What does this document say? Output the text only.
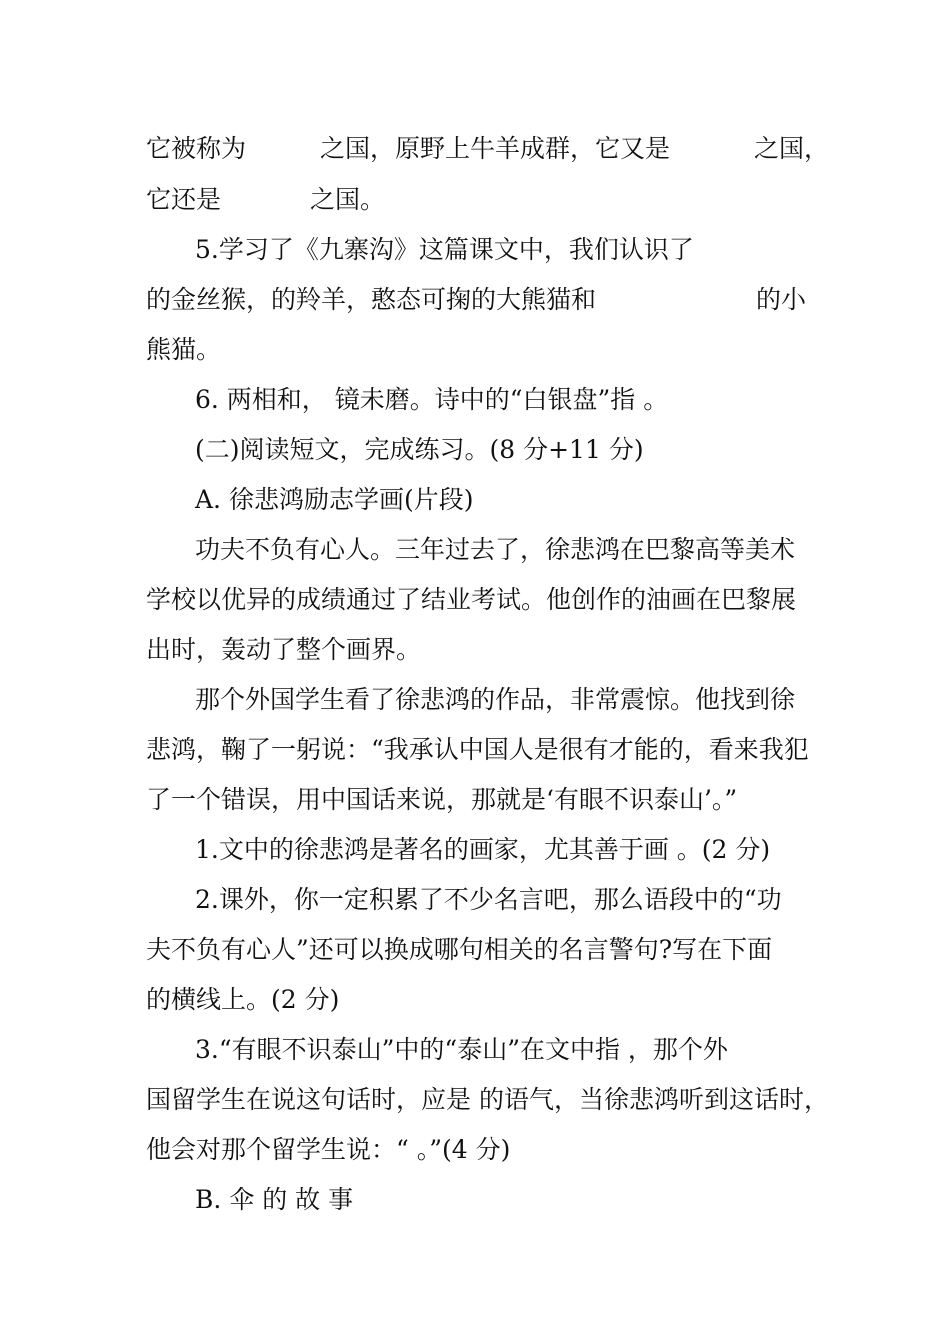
它被称为	之国，原野上牛羊成群，它又是	之国，
它还是	之国。
5.学习了《九寨沟》这篇课文中，我们认识了
的金丝猴，的羚羊，憨态可掬的大熊猫和	的小
熊猫。
6. 两相和， 镜未磨。诗中的“白银盘”指 。
(二)阅读短文，完成练习。(8 分+11 分)
A. 徐悲鸿励志学画(片段)
功夫不负有心人。三年过去了，徐悲鸿在巴黎高等美术
学校以优异的成绩通过了结业考试。他创作的油画在巴黎展
出时，轰动了整个画界。
那个外国学生看了徐悲鸿的作品，非常震惊。他找到徐
悲鸿，鞠了一躬说：“我承认中国人是很有才能的，看来我犯
了一个错误，用中国话来说，那就是‘有眼不识泰山’。”
1.文中的徐悲鸿是著名的画家，尤其善于画 。(2 分)
2.课外，你一定积累了不少名言吧，那么语段中的“功
夫不负有心人”还可以换成哪句相关的名言警句?写在下面
的横线上。(2 分)
3.“有眼不识泰山”中的“泰山”在文中指 ，那个外
国留学生在说这句话时，应是 的语气，当徐悲鸿听到这话时，
他会对那个留学生说：“ 。”(4 分)
B. 伞 的 故 事
